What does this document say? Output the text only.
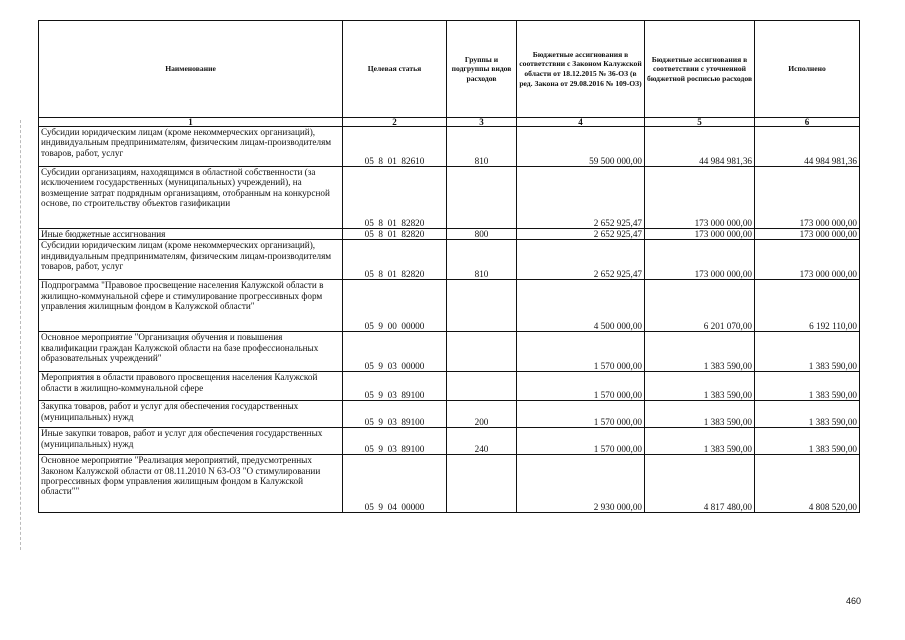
Наименование	Целевая статья	Группы и подгруппы видов расходов	Бюджетные ассигнования в соответствии с Законом Калужской области от 18.12.2015 № 36-ОЗ (в ред. Закона от 29.08.2016 № 109-ОЗ)	Бюджетные ассигнования в соответствии с уточненной бюджетной росписью расходов	Исполнено
1	2	3	4	5	6
Субсидии юридическим лицам (кроме некоммерческих организаций), индивидуальным предпринимателям, физическим лицам-производителям товаров, работ, услуг	05  8  01  82610	810	59 500 000,00	44 984 981,36	44 984 981,36
Субсидии организациям, находящимся в областной собственности (за исключением государственных (муниципальных) учреждений), на возмещение затрат подрядным организациям, отобранным на конкурсной основе, по строительству объектов газификации	05  8  01  82820		2 652 925,47	173 000 000,00	173 000 000,00
Иные бюджетные ассигнования	05  8  01  82820	800	2 652 925,47	173 000 000,00	173 000 000,00
Субсидии юридическим лицам (кроме некоммерческих организаций), индивидуальным предпринимателям, физическим лицам-производителям товаров, работ, услуг	05  8  01  82820	810	2 652 925,47	173 000 000,00	173 000 000,00
Подпрограмма "Правовое просвещение населения Калужской области в жилищно-коммунальной сфере и стимулирование прогрессивных форм управления жилищным фондом в Калужской области"	05  9  00  00000		4 500 000,00	6 201 070,00	6 192 110,00
Основное мероприятие "Организация обучения и повышения квалификации граждан Калужской области на базе профессиональных образовательных учреждений"	05  9  03  00000		1 570 000,00	1 383 590,00	1 383 590,00
Мероприятия в области правового просвещения населения Калужской области в жилищно-коммунальной сфере	05  9  03  89100		1 570 000,00	1 383 590,00	1 383 590,00
Закупка товаров, работ и услуг для обеспечения государственных (муниципальных) нужд	05  9  03  89100	200	1 570 000,00	1 383 590,00	1 383 590,00
Иные закупки товаров, работ и услуг для обеспечения государственных (муниципальных) нужд	05  9  03  89100	240	1 570 000,00	1 383 590,00	1 383 590,00
Основное мероприятие "Реализация мероприятий, предусмотренных Законом Калужской области от 08.11.2010 N 63-ОЗ "О стимулировании прогрессивных форм управления жилищным фондом в Калужской области""	05  9  04  00000		2 930 000,00	4 817 480,00	4 808 520,00
460
